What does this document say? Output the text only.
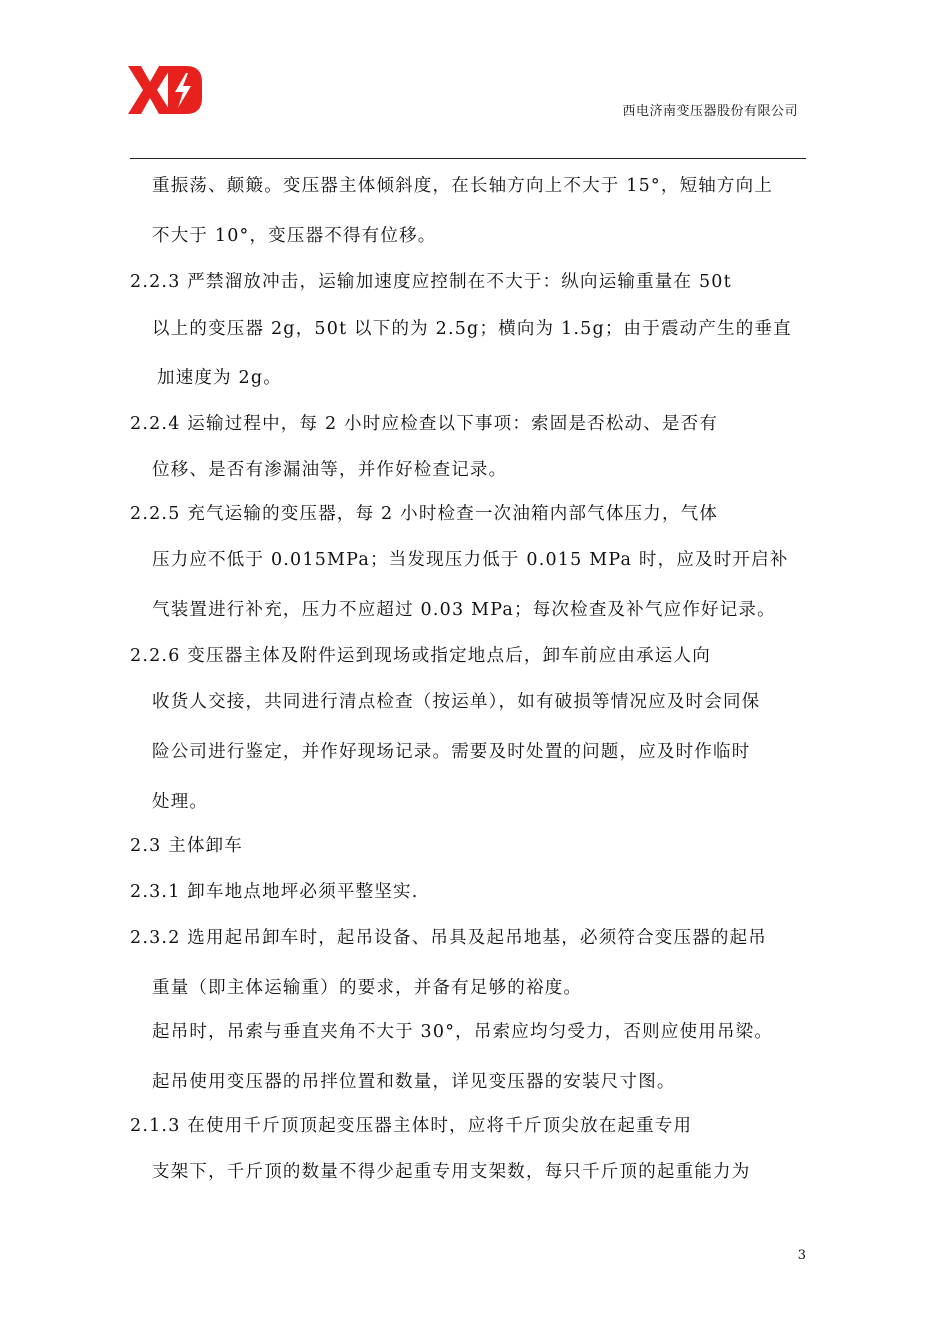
西电济南变压器股份有限公司
重振荡、颠簸。变压器主体倾斜度，在长轴方向上不大于 15°，短轴方向上
不大于 10°，变压器不得有位移。
2.2.3 严禁溜放冲击，运输加速度应控制在不大于：纵向运输重量在 50t
以上的变压器 2g，50t 以下的为 2.5g；横向为 1.5g；由于震动产生的垂直
加速度为 2g。
2.2.4 运输过程中，每 2 小时应检查以下事项：索固是否松动、是否有
位移、是否有渗漏油等，并作好检查记录。
2.2.5 充气运输的变压器，每 2 小时检查一次油箱内部气体压力，气体
压力应不低于 0.015MPa；当发现压力低于 0.015 MPa 时，应及时开启补
气装置进行补充，压力不应超过 0.03 MPa；每次检查及补气应作好记录。
2.2.6 变压器主体及附件运到现场或指定地点后，卸车前应由承运人向
收货人交接，共同进行清点检查（按运单），如有破损等情况应及时会同保
险公司进行鉴定，并作好现场记录。需要及时处置的问题，应及时作临时
处理。
2.3 主体卸车
2.3.1 卸车地点地坪必须平整坚实.
2.3.2 选用起吊卸车时，起吊设备、吊具及起吊地基，必须符合变压器的起吊
重量（即主体运输重）的要求，并备有足够的裕度。
起吊时，吊索与垂直夹角不大于 30°，吊索应均匀受力，否则应使用吊梁。
起吊使用变压器的吊拌位置和数量，详见变压器的安装尺寸图。
2.1.3 在使用千斤顶顶起变压器主体时，应将千斤顶尖放在起重专用
支架下，千斤顶的数量不得少起重专用支架数，每只千斤顶的起重能力为
3
